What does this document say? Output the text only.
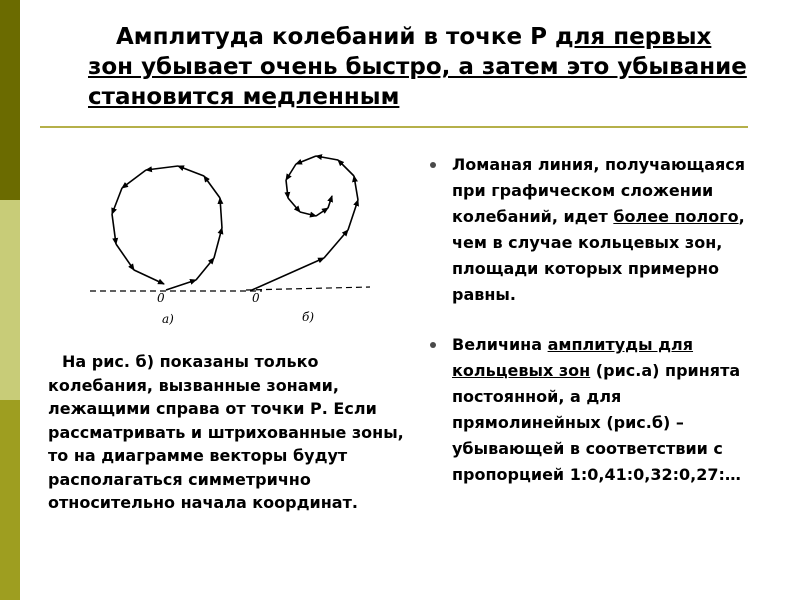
Амплитуда колебаний в точке Р для первых зон убывает очень быстро, а затем это убывание становится медленным
0	0
а)	б)

На рис. б) показаны только колебания, вызванные зонами, лежащими справа от точки Р. Если рассматривать и штрихованные зоны, то на диаграмме векторы будут располагаться симметрично относительно начала координат.

Ломаная линия, получающаяся при графическом сложении колебаний, идет более полого, чем в случае кольцевых зон, площади которых примерно равны.
Величина амплитуды для кольцевых зон (рис.а) принята постоянной, а для прямолинейных (рис.б) – убывающей в соответствии с пропорцией 1:0,41:0,32:0,27:…
